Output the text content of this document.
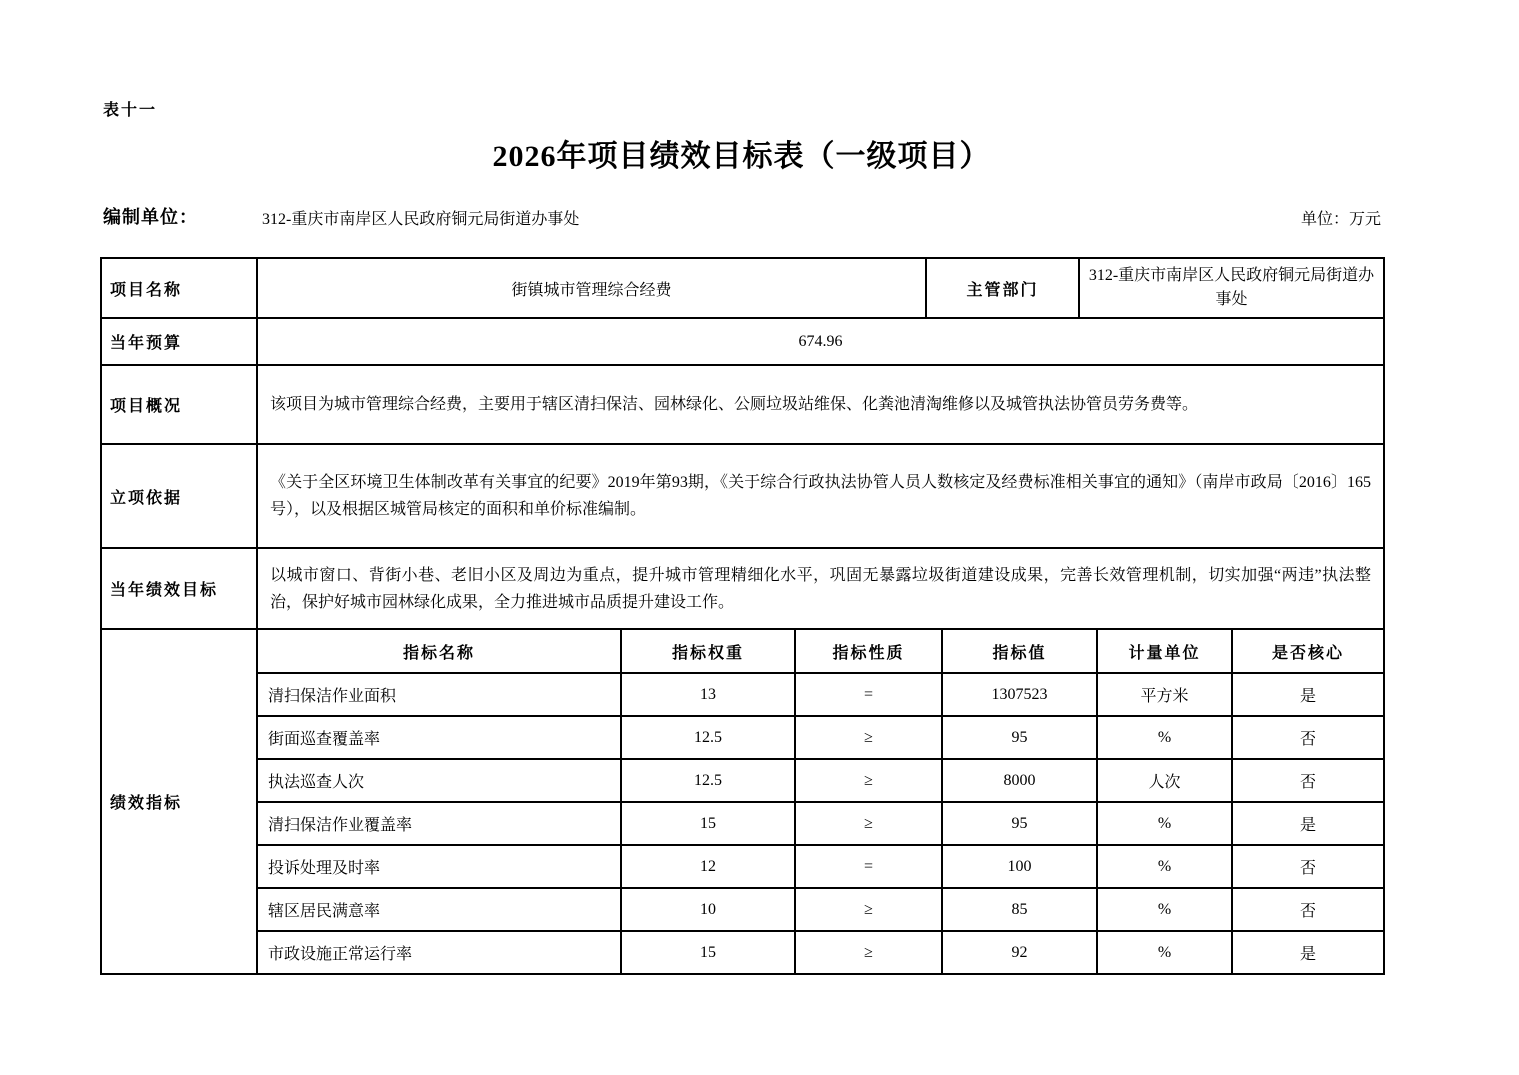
表十一
2026年项目绩效目标表（一级项目）
编制单位：	312-重庆市南岸区人民政府铜元局街道办事处	单位：万元
项目名称	街镇城市管理综合经费			主管部门		312-重庆市南岸区人民政府铜元局街道办事处		
当年预算	674.96							
项目概况	该项目为城市管理综合经费，主要用于辖区清扫保洁、园林绿化、公厕垃圾站维保、化粪池清淘维修以及城管执法协管员劳务费等。							
立项依据	《关于全区环境卫生体制改革有关事宜的纪要》2019年第93期，《关于综合行政执法协管人员人数核定及经费标准相关事宜的通知》（南岸市政局〔2016〕165号），以及根据区城管局核定的面积和单价标准编制。							
当年绩效目标	以城市窗口、背街小巷、老旧小区及周边为重点，提升城市管理精细化水平，巩固无暴露垃圾街道建设成果，完善长效管理机制，切实加强“两违”执法整治，保护好城市园林绿化成果，全力推进城市品质提升建设工作。							
绩效指标	指标名称	指标权重	指标性质		指标值		计量单位	是否核心
	清扫保洁作业面积	13	=		1307523		平方米	是
	街面巡查覆盖率	12.5	≥		95		%	否
	执法巡查人次	12.5	≥		8000		人次	否
	清扫保洁作业覆盖率	15	≥		95		%	是
	投诉处理及时率	12	=		100		%	否
	辖区居民满意率	10	≥		85		%	否
	市政设施正常运行率	15	≥		92		%	是
